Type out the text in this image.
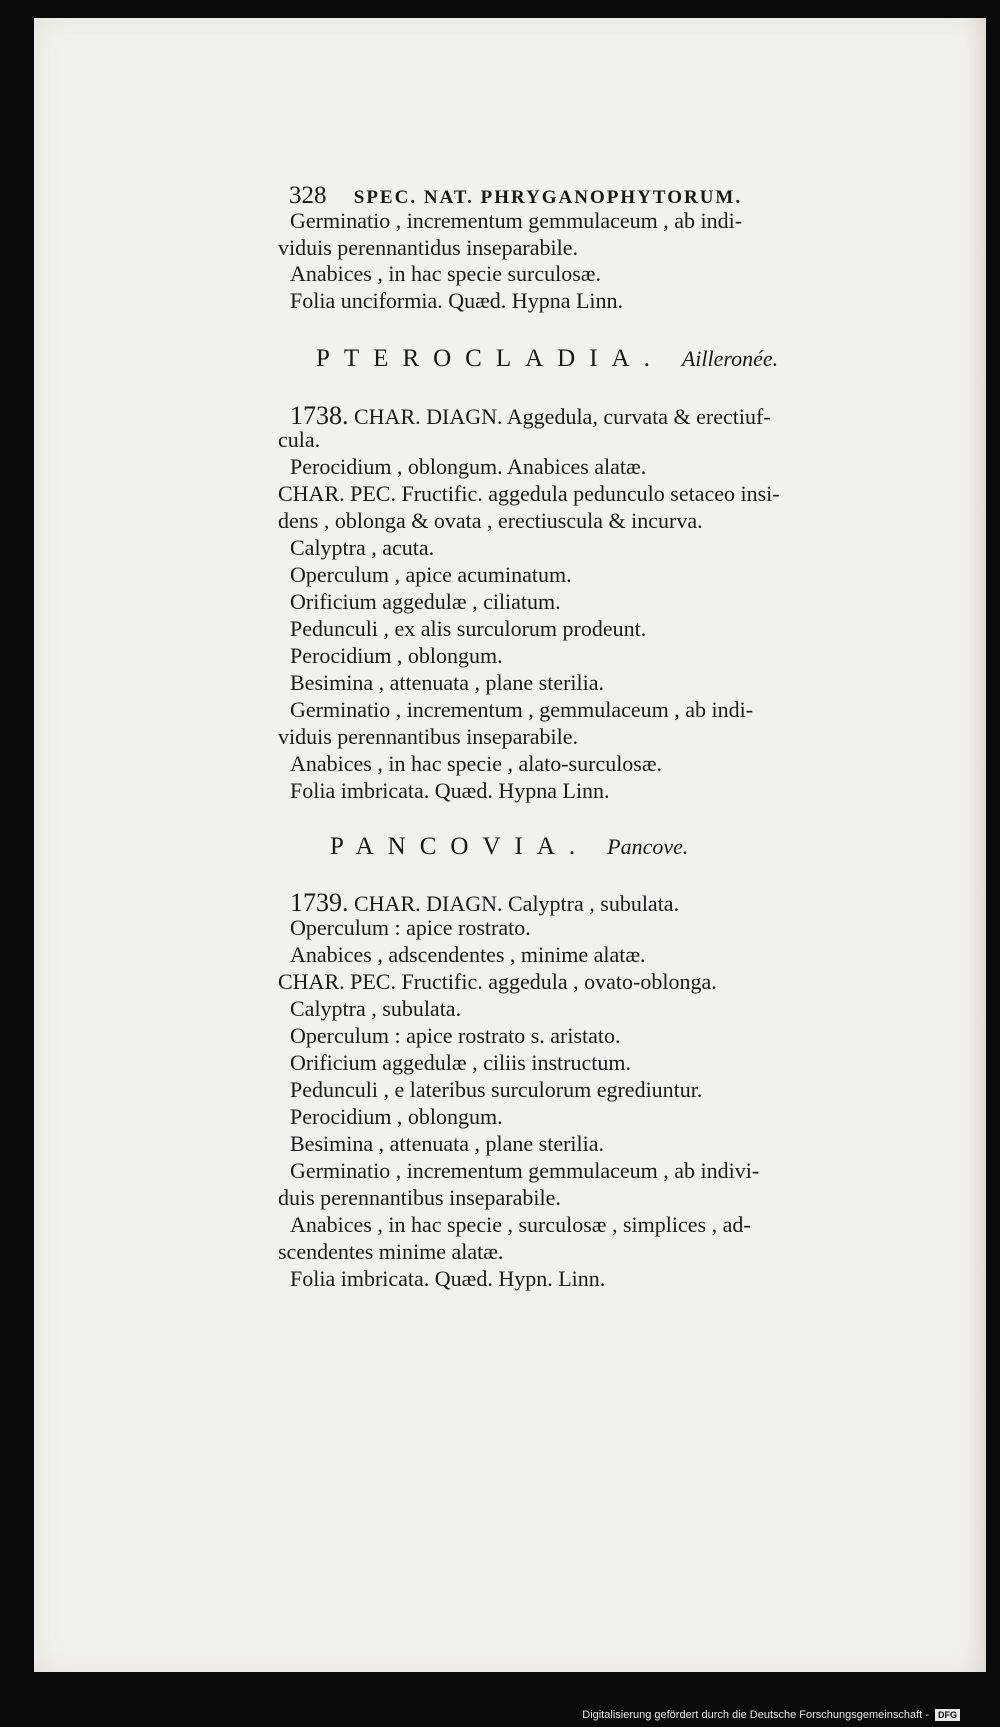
328 SPEC. NAT. PHRYGANOPHYTORUM.
Germinatio , incrementum gemmulaceum , ab indi-
viduis perennantidus inseparabile.
Anabices , in hac specie surculosæ.
Folia unciformia. Quæd. Hypna Linn.
PTEROCLADIA. Ailleronée.
1738. CHAR. DIAGN. Aggedula, curvata & erectiuf-
cula.
Perocidium , oblongum. Anabices alatæ.
CHAR. PEC. Fructific. aggedula pedunculo setaceo insi-
dens , oblonga & ovata , erectiuscula & incurva.
Calyptra , acuta.
Operculum , apice acuminatum.
Orificium aggedulæ , ciliatum.
Pedunculi , ex alis surculorum prodeunt.
Perocidium , oblongum.
Besimina , attenuata , plane sterilia.
Germinatio , incrementum , gemmulaceum , ab indi-
viduis perennantibus inseparabile.
Anabices , in hac specie , alato-surculosæ.
Folia imbricata. Quæd. Hypna Linn.
PANCOVIA. Pancove.
1739. CHAR. DIAGN. Calyptra , subulata.
Operculum : apice rostrato.
Anabices , adscendentes , minime alatæ.
CHAR. PEC. Fructific. aggedula , ovato-oblonga.
Calyptra , subulata.
Operculum : apice rostrato s. aristato.
Orificium aggedulæ , ciliis instructum.
Pedunculi , e lateribus surculorum egrediuntur.
Perocidium , oblongum.
Besimina , attenuata , plane sterilia.
Germinatio , incrementum gemmulaceum , ab indivi-
duis perennantibus inseparabile.
Anabices , in hac specie , surculosæ , simplices , ad-
scendentes minime alatæ.
Folia imbricata. Quæd. Hypn. Linn.
Digitalisierung gefördert durch die Deutsche Forschungsgemeinschaft - DFG
